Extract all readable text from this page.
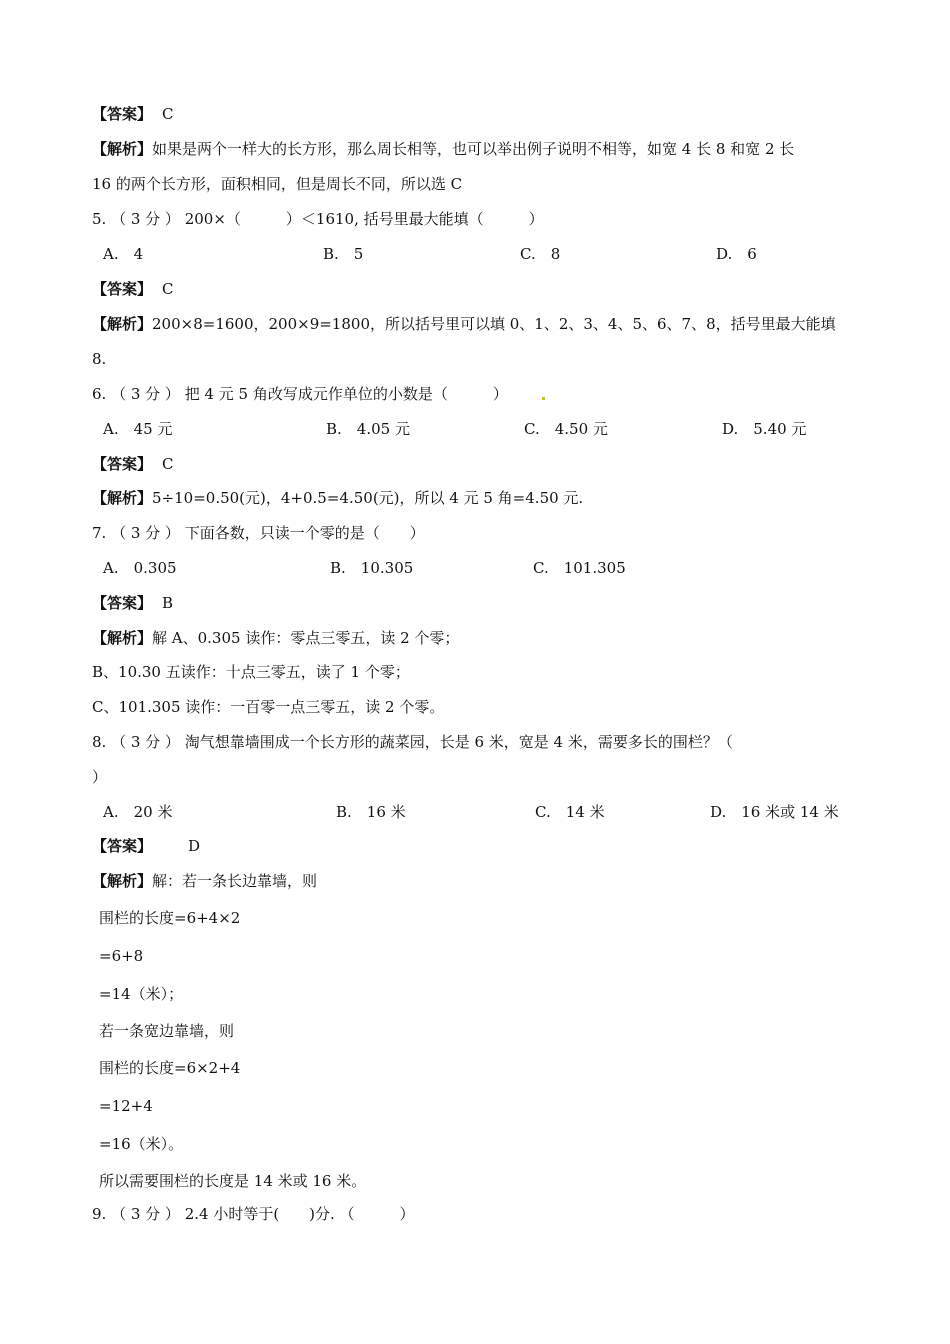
【答案】 C
【解析】如果是两个一样大的长方形，那么周长相等，也可以举出例子说明不相等，如宽 4 长 8 和宽 2 长
16 的两个长方形，面积相同，但是周长不同，所以选 C
5. （ 3 分 ） 200×（　　　）＜1610, 括号里最大能填（　　　）
A.　4	B.　5	C.　8	D.　6
【答案】 C
【解析】200×8=1600，200×9=1800，所以括号里可以填 0、1、2、3、4、5、6、7、8，括号里最大能填
8.
6. （ 3 分 ） 把 4 元 5 角改写成元作单位的小数是（　　　）
A.　45 元	B.　4.05 元	C.　4.50 元	D.　5.40 元
【答案】 C
【解析】5÷10=0.50(元)，4+0.5=4.50(元)，所以 4 元 5 角=4.50 元.
7. （ 3 分 ） 下面各数，只读一个零的是（　　）
A.　0.305	B.　10.305	C.　101.305
【答案】 B
【解析】解 A、0.305 读作：零点三零五，读 2 个零；
B、10.30 五读作：十点三零五，读了 1 个零；
C、101.305 读作：一百零一点三零五，读 2 个零。
8. （ 3 分 ） 淘气想靠墙围成一个长方形的蔬菜园，长是 6 米，宽是 4 米，需要多长的围栏？（
）
A.　20 米	B.　16 米	C.　14 米	D.　16 米或 14 米
【答案】 D
【解析】解：若一条长边靠墙，则
围栏的长度=6+4×2
=6+8
=14（米）；
若一条宽边靠墙，则
围栏的长度=6×2+4
=12+4
=16（米）。
所以需要围栏的长度是 14 米或 16 米。
9. （ 3 分 ） 2.4 小时等于(　　)分. （　　　）
